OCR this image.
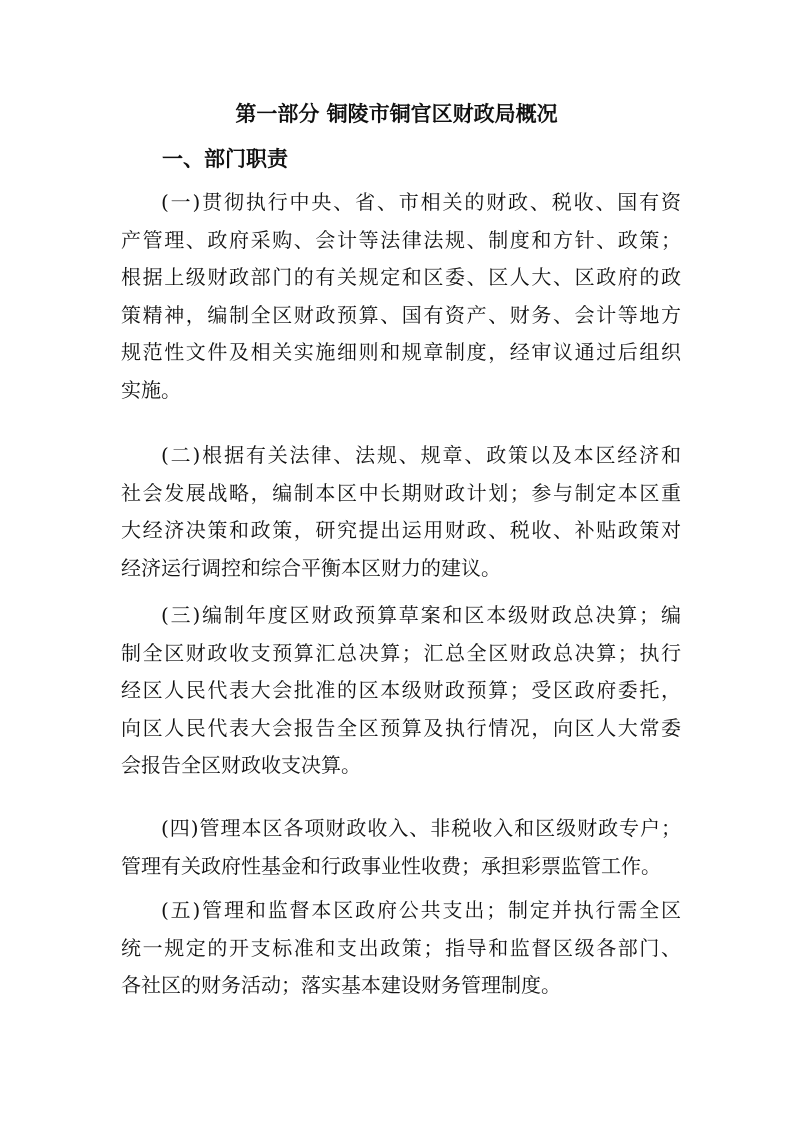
第一部分 铜陵市铜官区财政局概况
一、部门职责

(一)贯彻执行中央、省、市相关的财政、税收、国有资
产管理、政府采购、会计等法律法规、制度和方针、政策；
根据上级财政部门的有关规定和区委、区人大、区政府的政
策精神，编制全区财政预算、国有资产、财务、会计等地方
规范性文件及相关实施细则和规章制度，经审议通过后组织
实施。

(二)根据有关法律、法规、规章、政策以及本区经济和
社会发展战略，编制本区中长期财政计划；参与制定本区重
大经济决策和政策，研究提出运用财政、税收、补贴政策对
经济运行调控和综合平衡本区财力的建议。

(三)编制年度区财政预算草案和区本级财政总决算；编
制全区财政收支预算汇总决算；汇总全区财政总决算；执行
经区人民代表大会批准的区本级财政预算；受区政府委托，
向区人民代表大会报告全区预算及执行情况，向区人大常委
会报告全区财政收支决算。

(四)管理本区各项财政收入、非税收入和区级财政专户；
管理有关政府性基金和行政事业性收费；承担彩票监管工作。

(五)管理和监督本区政府公共支出；制定并执行需全区
统一规定的开支标准和支出政策；指导和监督区级各部门、
各社区的财务活动；落实基本建设财务管理制度。
